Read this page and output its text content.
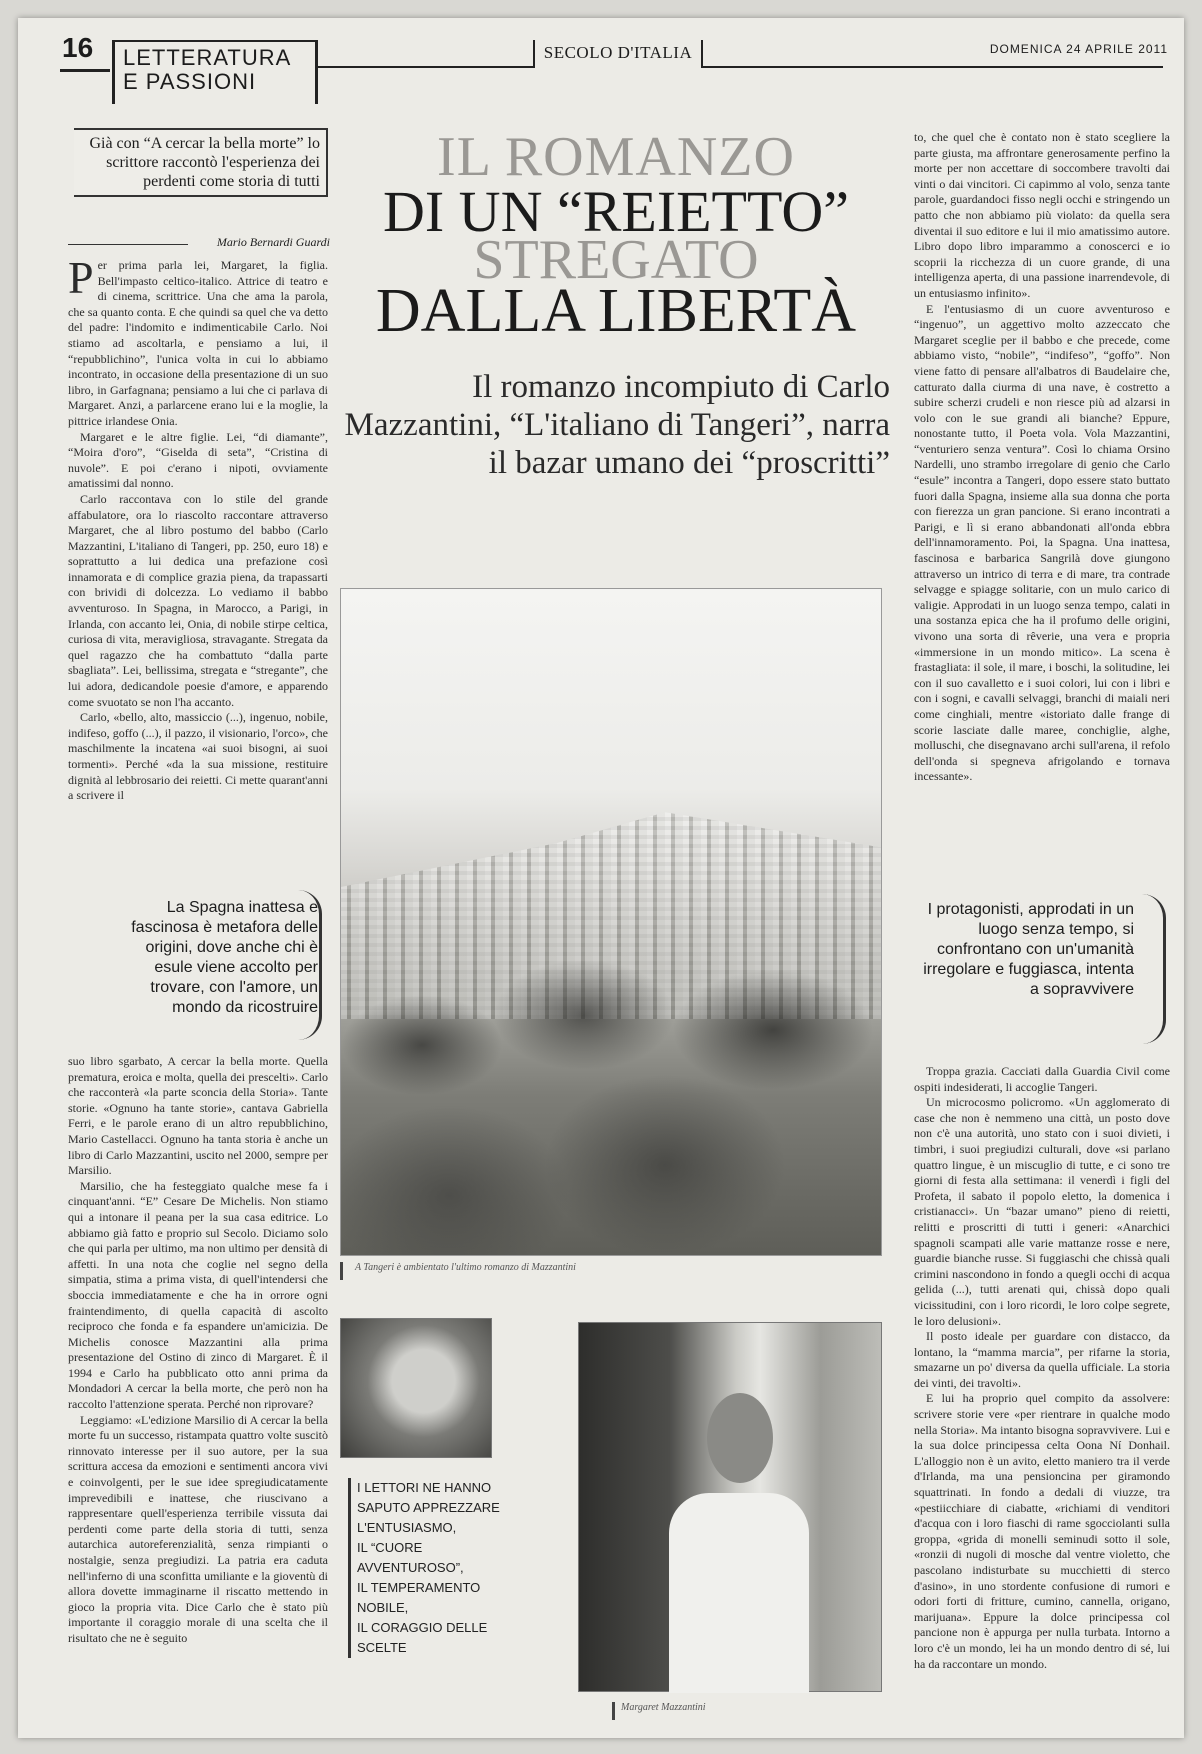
16	LETTERATURA
E PASSIONI
SECOLO D'ITALIA	DOMENICA 24 APRILE 2011
Già con “A cercar la bella morte” lo scrittore raccontò l'esperienza dei perdenti come storia di tutti
Mario Bernardi Guardi
IL ROMANZO
DI UN “REIETTO”
STREGATO
DALLA LIBERTÀ
Il romanzo incompiuto di Carlo Mazzantini, “L'italiano di Tangeri”, narra il bazar umano dei “proscritti”

Per prima parla lei, Margaret, la figlia. Bell'impasto celtico-italico. Attrice di teatro e di cinema, scrittrice. Una che ama la parola, che sa quanto conta. E che quindi sa quel che va detto del padre: l'indomito e indimenticabile Carlo. Noi stiamo ad ascoltarla, e pensiamo a lui, il “repubblichino”, l'unica volta in cui lo abbiamo incontrato, in occasione della presentazione di un suo libro, in Garfagnana; pensiamo a lui che ci parlava di Margaret. Anzi, a parlarcene erano lui e la moglie, la pittrice irlandese Onia.

Margaret e le altre figlie. Lei, “di diamante”, “Moira d'oro”, “Giselda di seta”, “Cristina di nuvole”. E poi c'erano i nipoti, ovviamente amatissimi dal nonno.

Carlo raccontava con lo stile del grande affabulatore, ora lo riascolto raccontare attraverso Margaret, che al libro postumo del babbo (Carlo Mazzantini, L'italiano di Tangeri, pp. 250, euro 18) e soprattutto a lui dedica una prefazione così innamorata e di complice grazia piena, da trapassarti con brividi di dolcezza. Lo vediamo il babbo avventuroso. In Spagna, in Marocco, a Parigi, in Irlanda, con accanto lei, Onia, di nobile stirpe celtica, curiosa di vita, meravigliosa, stravagante. Stregata da quel ragazzo che ha combattuto “dalla parte sbagliata”. Lei, bellissima, stregata e “stregante”, che lui adora, dedicandole poesie d'amore, e apparendo come svuotato se non l'ha accanto.

Carlo, «bello, alto, massiccio (...), ingenuo, nobile, indifeso, goffo (...), il pazzo, il visionario, l'orco», che maschilmente la incatena «ai suoi bisogni, ai suoi tormenti». Perché «da la sua missione, restituire dignità al lebbrosario dei reietti. Ci mette quarant'anni a scrivere il

La Spagna inattesa e fascinosa è metafora delle origini, dove anche chi è esule viene accolto per trovare, con l'amore, un mondo da ricostruire

suo libro sgarbato, A cercar la bella morte. Quella prematura, eroica e molta, quella dei prescelti». Carlo che racconterà «la parte sconcia della Storia». Tante storie. «Ognuno ha tante storie», cantava Gabriella Ferri, e le parole erano di un altro repubblichino, Mario Castellacci. Ognuno ha tanta storia è anche un libro di Carlo Mazzantini, uscito nel 2000, sempre per Marsilio.

Marsilio, che ha festeggiato qualche mese fa i cinquant'anni. “E” Cesare De Michelis. Non stiamo qui a intonare il peana per la sua casa editrice. Lo abbiamo già fatto e proprio sul Secolo. Diciamo solo che qui parla per ultimo, ma non ultimo per densità di affetti. In una nota che coglie nel segno della simpatia, stima a prima vista, di quell'intendersi che sboccia immediatamente e che ha in orrore ogni fraintendimento, di quella capacità di ascolto reciproco che fonda e fa espandere un'amicizia. De Michelis conosce Mazzantini alla prima presentazione del Ostino di zinco di Margaret. È il 1994 e Carlo ha pubblicato otto anni prima da Mondadori A cercar la bella morte, che però non ha raccolto l'attenzione sperata. Perché non riprovare?

Leggiamo: «L'edizione Marsilio di A cercar la bella morte fu un successo, ristampata quattro volte suscitò rinnovato interesse per il suo autore, per la sua scrittura accesa da emozioni e sentimenti ancora vivi e coinvolgenti, per le sue idee spregiudicatamente imprevedibili e inattese, che riuscivano a rappresentare quell'esperienza terribile vissuta dai perdenti come parte della storia di tutti, senza autarchica autoreferenzialità, senza rimpianti o nostalgie, senza pregiudizi. La patria era caduta nell'inferno di una sconfitta umiliante e la gioventù di allora dovette immaginarne il riscatto mettendo in gioco la propria vita. Dice Carlo che è stato più importante il coraggio morale di una scelta che il risultato che ne è seguito

A Tangeri è ambientato l'ultimo romanzo di Mazzantini
I LETTORI NE HANNO SAPUTO APPREZZARE L'ENTUSIASMO,
IL “CUORE AVVENTUROSO”,
IL TEMPERAMENTO NOBILE,
IL CORAGGIO DELLE SCELTE
Margaret Mazzantini

to, che quel che è contato non è stato scegliere la parte giusta, ma affrontare generosamente perfino la morte per non accettare di soccombere travolti dai vinti o dai vincitori. Ci capimmo al volo, senza tante parole, guardandoci fisso negli occhi e stringendo un patto che non abbiamo più violato: da quella sera diventai il suo editore e lui il mio amatissimo autore. Libro dopo libro imparammo a conoscerci e io scoprii la ricchezza di un cuore grande, di una intelligenza aperta, di una passione inarrendevole, di un entusiasmo infinito».

E l'entusiasmo di un cuore avventuroso e “ingenuo”, un aggettivo molto azzeccato che Margaret sceglie per il babbo e che precede, come abbiamo visto, “nobile”, “indifeso”, “goffo”. Non viene fatto di pensare all'albatros di Baudelaire che, catturato dalla ciurma di una nave, è costretto a subire scherzi crudeli e non riesce più ad alzarsi in volo con le sue grandi ali bianche? Eppure, nonostante tutto, il Poeta vola. Vola Mazzantini, “venturiero senza ventura”. Così lo chiama Orsino Nardelli, uno strambo irregolare di genio che Carlo “esule” incontra a Tangeri, dopo essere stato buttato fuori dalla Spagna, insieme alla sua donna che porta con fierezza un gran pancione. Si erano incontrati a Parigi, e lì si erano abbandonati all'onda ebbra dell'innamoramento. Poi, la Spagna. Una inattesa, fascinosa e barbarica Sangrilà dove giungono attraverso un intrico di terra e di mare, tra contrade selvagge e spiagge solitarie, con un mulo carico di valigie. Approdati in un luogo senza tempo, calati in una sostanza epica che ha il profumo delle origini, vivono una sorta di rêverie, una vera e propria «immersione in un mondo mitico». La scena è frastagliata: il sole, il mare, i boschi, la solitudine, lei con il suo cavalletto e i suoi colori, lui con i libri e con i sogni, e cavalli selvaggi, branchi di maiali neri come cinghiali, mentre «istoriato dalle frange di scorie lasciate dalle maree, conchiglie, alghe, molluschi, che disegnavano archi sull'arena, il refolo dell'onda si spegneva afrigolando e tornava incessante».

I protagonisti, approdati in un luogo senza tempo, si confrontano con un'umanità irregolare e fuggiasca, intenta a sopravvivere

Troppa grazia. Cacciati dalla Guardia Civil come ospiti indesiderati, li accoglie Tangeri.

Un microcosmo policromo. «Un agglomerato di case che non è nemmeno una città, un posto dove non c'è una autorità, uno stato con i suoi divieti, i timbri, i suoi pregiudizi culturali, dove «si parlano quattro lingue, è un miscuglio di tutte, e ci sono tre giorni di festa alla settimana: il venerdì i figli del Profeta, il sabato il popolo eletto, la domenica i cristianacci». Un “bazar umano” pieno di reietti, relitti e proscritti di tutti i generi: «Anarchici spagnoli scampati alle varie mattanze rosse e nere, guardie bianche russe. Si fuggiaschi che chissà quali crimini nascondono in fondo a quegli occhi di acqua gelida (...), tutti arenati qui, chissà dopo quali vicissitudini, con i loro ricordi, le loro colpe segrete, le loro delusioni».

Il posto ideale per guardare con distacco, da lontano, la “mamma marcia”, per rifarne la storia, smazarne un po' diversa da quella ufficiale. La storia dei vinti, dei travolti».

E lui ha proprio quel compito da assolvere: scrivere storie vere «per rientrare in qualche modo nella Storia». Ma intanto bisogna sopravvivere. Lui e la sua dolce principessa celta Oona Ní Donhail. L'alloggio non è un avito, eletto maniero tra il verde d'Irlanda, ma una pensioncina per giramondo squattrinati. In fondo a dedali di viuzze, tra «pestiicchiare di ciabatte, «richiami di venditori d'acqua con i loro fiaschi di rame sgocciolanti sulla groppa, «grida di monelli seminudi sotto il sole, «ronzii di nugoli di mosche dal ventre violetto, che pascolano indisturbate su mucchietti di sterco d'asino», in uno stordente confusione di rumori e odori forti di fritture, cumino, cannella, origano, marijuana». Eppure la dolce principessa col pancione non è appurga per nulla turbata. Intorno a loro c'è un mondo, lei ha un mondo dentro di sé, lui ha da raccontare un mondo.
